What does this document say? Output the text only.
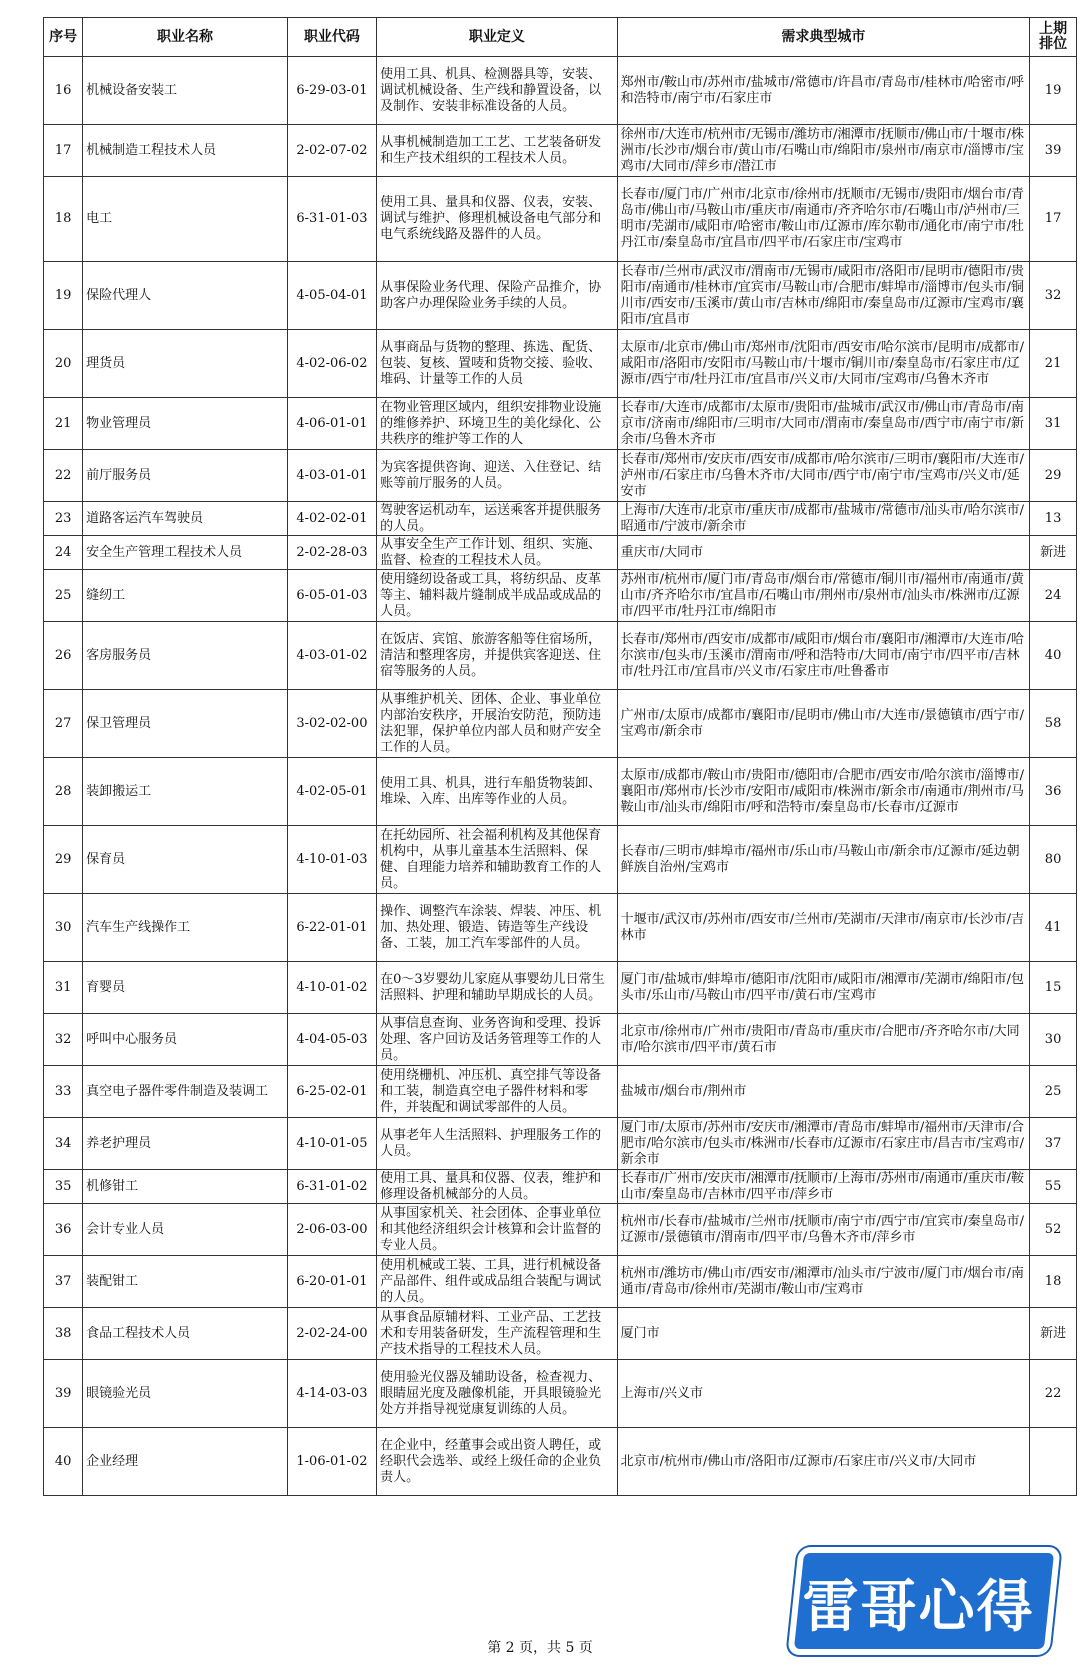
序号	职业名称	职业代码	职业定义	需求典型城市	上期排位
16	机械设备安装工	6-29-03-01	使用工具、机具、检测器具等，安装、调试机械设备、生产线和静置设备，以及制作、安装非标准设备的人员。	郑州市/鞍山市/苏州市/盐城市/常德市/许昌市/青岛市/桂林市/哈密市/呼和浩特市/南宁市/石家庄市	19
17	机械制造工程技术人员	2-02-07-02	从事机械制造加工工艺、工艺装备研发和生产技术组织的工程技术人员。	徐州市/大连市/杭州市/无锡市/潍坊市/湘潭市/抚顺市/佛山市/十堰市/株洲市/长沙市/烟台市/黄山市/石嘴山市/绵阳市/泉州市/南京市/淄博市/宝鸡市/大同市/萍乡市/潜江市	39
18	电工	6-31-01-03	使用工具、量具和仪器、仪表，安装、调试与维护、修理机械设备电气部分和电气系统线路及器件的人员。	长春市/厦门市/广州市/北京市/徐州市/抚顺市/无锡市/贵阳市/烟台市/青岛市/佛山市/马鞍山市/重庆市/南通市/齐齐哈尔市/石嘴山市/泸州市/三明市/芜湖市/咸阳市/哈密市/鞍山市/辽源市/库尔勒市/通化市/南宁市/牡丹江市/秦皇岛市/宜昌市/四平市/石家庄市/宝鸡市	17
19	保险代理人	4-05-04-01	从事保险业务代理、保险产品推介，协助客户办理保险业务手续的人员。	长春市/兰州市/武汉市/渭南市/无锡市/咸阳市/洛阳市/昆明市/德阳市/贵阳市/南通市/桂林市/宜宾市/马鞍山市/合肥市/蚌埠市/淄博市/包头市/铜川市/西安市/玉溪市/黄山市/吉林市/绵阳市/秦皇岛市/辽源市/宝鸡市/襄阳市/宜昌市	32
20	理货员	4-02-06-02	从事商品与货物的整理、拣选、配货、包装、复核、置唛和货物交接、验收、堆码、计量等工作的人员	太原市/北京市/佛山市/郑州市/沈阳市/西安市/哈尔滨市/昆明市/成都市/咸阳市/洛阳市/安阳市/马鞍山市/十堰市/铜川市/秦皇岛市/石家庄市/辽源市/西宁市/牡丹江市/宜昌市/兴义市/大同市/宝鸡市/乌鲁木齐市	21
21	物业管理员	4-06-01-01	在物业管理区域内，组织安排物业设施的维修养护、环境卫生的美化绿化、公共秩序的维护等工作的人	长春市/大连市/成都市/太原市/贵阳市/盐城市/武汉市/佛山市/青岛市/南京市/济南市/绵阳市/三明市/大同市/渭南市/秦皇岛市/西宁市/南宁市/新余市/乌鲁木齐市	31
22	前厅服务员	4-03-01-01	为宾客提供咨询、迎送、入住登记、结账等前厅服务的人员。	长春市/郑州市/安庆市/西安市/成都市/哈尔滨市/三明市/襄阳市/大连市/泸州市/石家庄市/乌鲁木齐市/大同市/西宁市/南宁市/宝鸡市/兴义市/延安市	29
23	道路客运汽车驾驶员	4-02-02-01	驾驶客运机动车，运送乘客并提供服务的人员。	上海市/大连市/北京市/重庆市/成都市/盐城市/常德市/汕头市/哈尔滨市/昭通市/宁波市/新余市	13
24	安全生产管理工程技术人员	2-02-28-03	从事安全生产工作计划、组织、实施、监督、检查的工程技术人员。	重庆市/大同市	新进
25	缝纫工	6-05-01-03	使用缝纫设备或工具，将纺织品、皮革等主、辅料裁片缝制成半成品或成品的人员。	苏州市/杭州市/厦门市/青岛市/烟台市/常德市/铜川市/福州市/南通市/黄山市/齐齐哈尔市/宜昌市/石嘴山市/荆州市/泉州市/汕头市/株洲市/辽源市/四平市/牡丹江市/绵阳市	24
26	客房服务员	4-03-01-02	在饭店、宾馆、旅游客船等住宿场所，清洁和整理客房，并提供宾客迎送、住宿等服务的人员。	长春市/郑州市/西安市/成都市/咸阳市/烟台市/襄阳市/湘潭市/大连市/哈尔滨市/包头市/玉溪市/渭南市/呼和浩特市/大同市/南宁市/四平市/吉林市/牡丹江市/宜昌市/兴义市/石家庄市/吐鲁番市	40
27	保卫管理员	3-02-02-00	从事维护机关、团体、企业、事业单位内部治安秩序，开展治安防范，预防违法犯罪，保护单位内部人员和财产安全工作的人员。	广州市/太原市/成都市/襄阳市/昆明市/佛山市/大连市/景德镇市/西宁市/宝鸡市/新余市	58
28	装卸搬运工	4-02-05-01	使用工具、机具，进行车船货物装卸、堆垛、入库、出库等作业的人员。	太原市/成都市/鞍山市/贵阳市/德阳市/合肥市/西安市/哈尔滨市/淄博市/襄阳市/郑州市/长沙市/安阳市/咸阳市/株洲市/新余市/南通市/荆州市/马鞍山市/汕头市/绵阳市/呼和浩特市/秦皇岛市/长春市/辽源市	36
29	保育员	4-10-01-03	在托幼园所、社会福利机构及其他保育机构中，从事儿童基本生活照料、保健、自理能力培养和辅助教育工作的人员。	长春市/三明市/蚌埠市/福州市/乐山市/马鞍山市/新余市/辽源市/延边朝鲜族自治州/宝鸡市	80
30	汽车生产线操作工	6-22-01-01	操作、调整汽车涂装、焊装、冲压、机加、热处理、锻造、铸造等生产线设备、工装，加工汽车零部件的人员。	十堰市/武汉市/苏州市/西安市/兰州市/芜湖市/天津市/南京市/长沙市/吉林市	41
31	育婴员	4-10-01-02	在0～3岁婴幼儿家庭从事婴幼儿日常生活照料、护理和辅助早期成长的人员。	厦门市/盐城市/蚌埠市/德阳市/沈阳市/咸阳市/湘潭市/芜湖市/绵阳市/包头市/乐山市/马鞍山市/四平市/黄石市/宝鸡市	15
32	呼叫中心服务员	4-04-05-03	从事信息查询、业务咨询和受理、投诉处理、客户回访及话务管理等工作的人员。	北京市/徐州市/广州市/贵阳市/青岛市/重庆市/合肥市/齐齐哈尔市/大同市/哈尔滨市/四平市/黄石市	30
33	真空电子器件零件制造及装调工	6-25-02-01	使用绕栅机、冲压机、真空排气等设备和工装，制造真空电子器件材料和零件，并装配和调试零部件的人员。	盐城市/烟台市/荆州市	25
34	养老护理员	4-10-01-05	从事老年人生活照料、护理服务工作的人员。	厦门市/太原市/苏州市/安庆市/湘潭市/青岛市/蚌埠市/福州市/天津市/合肥市/哈尔滨市/包头市/株洲市/长春市/辽源市/石家庄市/昌吉市/宝鸡市/新余市	37
35	机修钳工	6-31-01-02	使用工具、量具和仪器、仪表，维护和修理设备机械部分的人员。	长春市/广州市/安庆市/湘潭市/抚顺市/上海市/苏州市/南通市/重庆市/鞍山市/秦皇岛市/吉林市/四平市/萍乡市	55
36	会计专业人员	2-06-03-00	从事国家机关、社会团体、企事业单位和其他经济组织会计核算和会计监督的专业人员。	杭州市/长春市/盐城市/兰州市/抚顺市/南宁市/西宁市/宜宾市/秦皇岛市/辽源市/景德镇市/渭南市/四平市/乌鲁木齐市/萍乡市	52
37	装配钳工	6-20-01-01	使用机械或工装、工具，进行机械设备产品部件、组件或成品组合装配与调试的人员。	杭州市/潍坊市/佛山市/西安市/湘潭市/汕头市/宁波市/厦门市/烟台市/南通市/青岛市/徐州市/芜湖市/鞍山市/宝鸡市	18
38	食品工程技术人员	2-02-24-00	从事食品原辅材料、工业产品、工艺技术和专用装备研发，生产流程管理和生产技术指导的工程技术人员。	厦门市	新进
39	眼镜验光员	4-14-03-03	使用验光仪器及辅助设备，检查视力、眼睛屈光度及融像机能，开具眼镜验光处方并指导视觉康复训练的人员。	上海市/兴义市	22
40	企业经理	1-06-01-02	在企业中，经董事会或出资人聘任，或经职代会选举、或经上级任命的企业负责人。	北京市/杭州市/佛山市/洛阳市/辽源市/石家庄市/兴义市/大同市	
雷哥心得
第 2 页，共 5 页
